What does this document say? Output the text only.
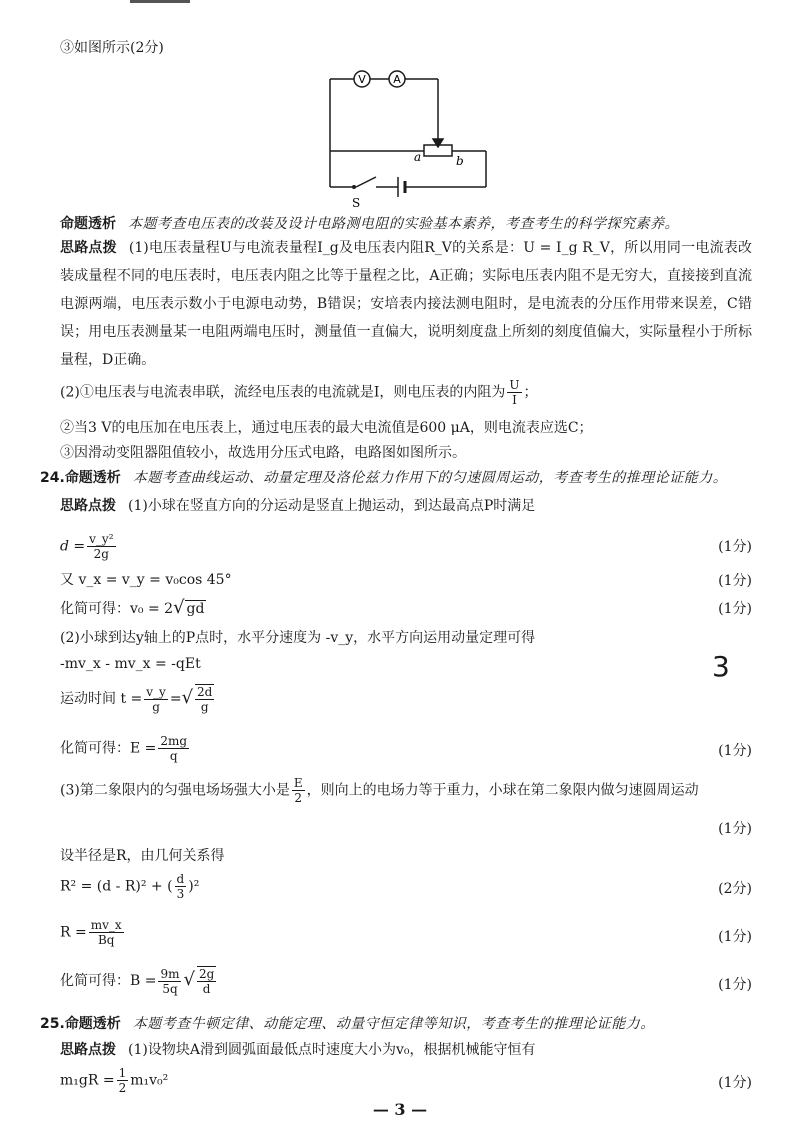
③如图所示(2分)
V A
a	b
S
命题透析 本题考查电压表的改装及设计电路测电阻的实验基本素养，考查考生的科学探究素养。
思路点拨 (1)电压表量程U与电流表量程I_g及电压表内阻R_V的关系是：U = I_g R_V，所以用同一电流表改装成量程不同的电压表时，电压表内阻之比等于量程之比，A正确；实际电压表内阻不是无穷大，直接接到直流电源两端，电压表示数小于电源电动势，B错误；安培表内接法测电阻时，是电流表的分压作用带来误差，C错误；用电压表测量某一电阻两端电压时，测量值一直偏大，说明刻度盘上所刻的刻度值偏大，实际量程小于所标量程，D正确。
(2)①电压表与电流表串联，流经电压表的电流就是I，则电压表的内阻为 $\frac{U}{I}$ ；
②当3 V的电压加在电压表上，通过电压表的最大电流值是600 μA，则电流表应选C；
③因滑动变阻器阻值较小，故选用分压式电路，电路图如图所示。
24.命题透析 本题考查曲线运动、动量定理及洛伦兹力作用下的匀速圆周运动，考查考生的推理论证能力。
思路点拨 (1)小球在竖直方向的分运动是竖直上抛运动，到达最高点P时满足
$d = \frac{\text{v\_y²}}{2g}$	(1分)
又 v_x = v_y = v₀cos 45°	(1分)
化简可得：v₀ = 2√ gd	(1分)
(2)小球到达y轴上的P点时，水平分速度为 -v_y，水平方向运用动量定理可得
-mv_x - mv_x = -qEt
运动时间 $t = \frac{v\_y}{g}$ =√ $\frac{2d}{g}$
化简可得：$E = \frac{2mg}{q}$	(1分)
(3)第二象限内的匀强电场场强大小是 $\frac{E}{2}$ ，则向上的电场力等于重力，小球在第二象限内做匀速圆周运动
(1分)
设半径是R，由几何关系得
R² = (d - R)² + ( $\frac{d}{3} )^2$	(2分)
$R = \frac{mv\_x}{Bq}$	(1分)
化简可得：$B = \frac{9m}{5q}$ √ $\frac{2g}{d}$	(1分)
25.命题透析 本题考查牛顿定律、动能定理、动量守恒定律等知识，考查考生的推理论证能力。
思路点拨 (1)设物块A滑到圆弧面最低点时速度大小为v₀，根据机械能守恒有
$m_1gR = \frac{1}{2} m_1v_0^2$	(1分)
3
— 3 —
